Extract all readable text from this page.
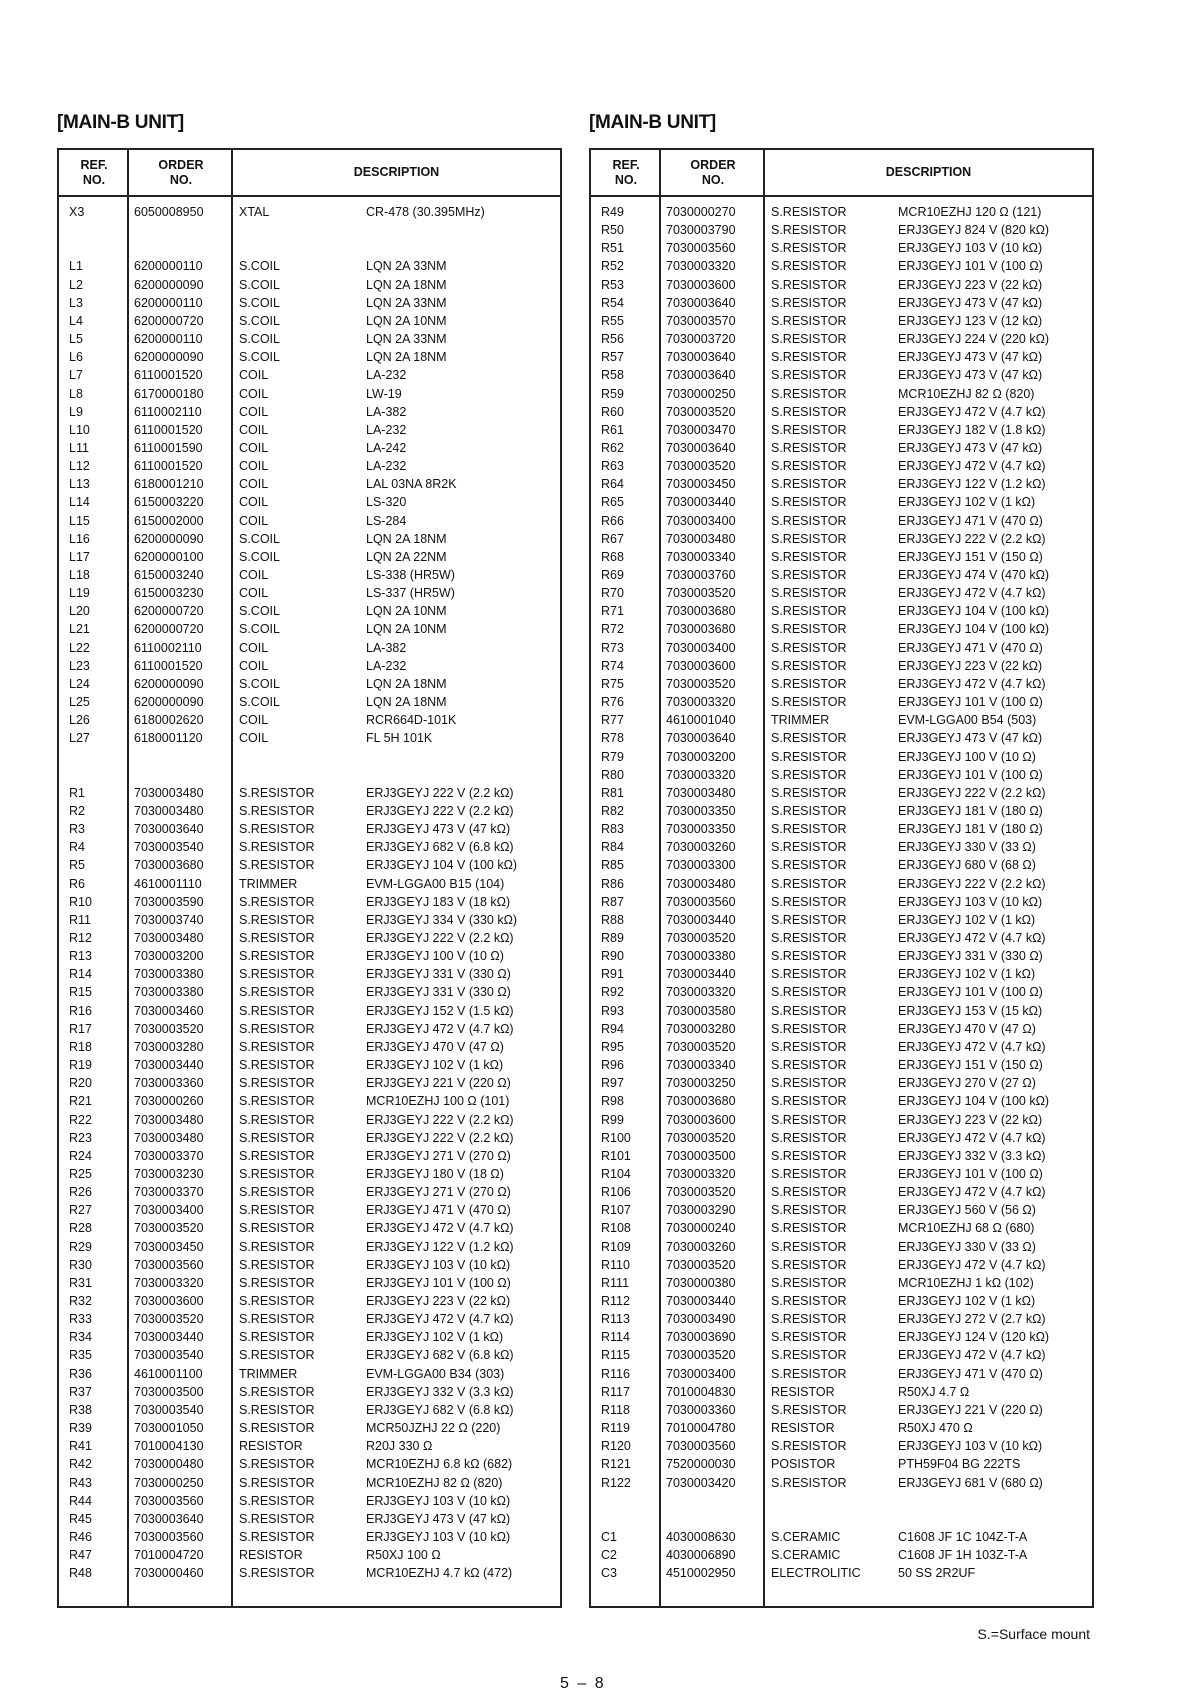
[MAIN-B UNIT]
REF.
NO.
ORDER
NO.
DESCRIPTION
X3	6050008950	XTAL	CR-478 (30.395MHz)
L1	6200000110	S.COIL	LQN 2A 33NM
L2	6200000090	S.COIL	LQN 2A 18NM
L3	6200000110	S.COIL	LQN 2A 33NM
L4	6200000720	S.COIL	LQN 2A 10NM
L5	6200000110	S.COIL	LQN 2A 33NM
L6	6200000090	S.COIL	LQN 2A 18NM
L7	6110001520	COIL	LA-232
L8	6170000180	COIL	LW-19
L9	6110002110	COIL	LA-382
L10	6110001520	COIL	LA-232
L11	6110001590	COIL	LA-242
L12	6110001520	COIL	LA-232
L13	6180001210	COIL	LAL 03NA 8R2K
L14	6150003220	COIL	LS-320
L15	6150002000	COIL	LS-284
L16	6200000090	S.COIL	LQN 2A 18NM
L17	6200000100	S.COIL	LQN 2A 22NM
L18	6150003240	COIL	LS-338 (HR5W)
L19	6150003230	COIL	LS-337 (HR5W)
L20	6200000720	S.COIL	LQN 2A 10NM
L21	6200000720	S.COIL	LQN 2A 10NM
L22	6110002110	COIL	LA-382
L23	6110001520	COIL	LA-232
L24	6200000090	S.COIL	LQN 2A 18NM
L25	6200000090	S.COIL	LQN 2A 18NM
L26	6180002620	COIL	RCR664D-101K
L27	6180001120	COIL	FL 5H 101K
R1	7030003480	S.RESISTOR	ERJ3GEYJ 222 V (2.2 kΩ)
R2	7030003480	S.RESISTOR	ERJ3GEYJ 222 V (2.2 kΩ)
R3	7030003640	S.RESISTOR	ERJ3GEYJ 473 V (47 kΩ)
R4	7030003540	S.RESISTOR	ERJ3GEYJ 682 V (6.8 kΩ)
R5	7030003680	S.RESISTOR	ERJ3GEYJ 104 V (100 kΩ)
R6	4610001110	TRIMMER	EVM-LGGA00 B15 (104)
R10	7030003590	S.RESISTOR	ERJ3GEYJ 183 V (18 kΩ)
R11	7030003740	S.RESISTOR	ERJ3GEYJ 334 V (330 kΩ)
R12	7030003480	S.RESISTOR	ERJ3GEYJ 222 V (2.2 kΩ)
R13	7030003200	S.RESISTOR	ERJ3GEYJ 100 V (10 Ω)
R14	7030003380	S.RESISTOR	ERJ3GEYJ 331 V (330 Ω)
R15	7030003380	S.RESISTOR	ERJ3GEYJ 331 V (330 Ω)
R16	7030003460	S.RESISTOR	ERJ3GEYJ 152 V (1.5 kΩ)
R17	7030003520	S.RESISTOR	ERJ3GEYJ 472 V (4.7 kΩ)
R18	7030003280	S.RESISTOR	ERJ3GEYJ 470 V (47 Ω)
R19	7030003440	S.RESISTOR	ERJ3GEYJ 102 V (1 kΩ)
R20	7030003360	S.RESISTOR	ERJ3GEYJ 221 V (220 Ω)
R21	7030000260	S.RESISTOR	MCR10EZHJ 100 Ω (101)
R22	7030003480	S.RESISTOR	ERJ3GEYJ 222 V (2.2 kΩ)
R23	7030003480	S.RESISTOR	ERJ3GEYJ 222 V (2.2 kΩ)
R24	7030003370	S.RESISTOR	ERJ3GEYJ 271 V (270 Ω)
R25	7030003230	S.RESISTOR	ERJ3GEYJ 180 V (18 Ω)
R26	7030003370	S.RESISTOR	ERJ3GEYJ 271 V (270 Ω)
R27	7030003400	S.RESISTOR	ERJ3GEYJ 471 V (470 Ω)
R28	7030003520	S.RESISTOR	ERJ3GEYJ 472 V (4.7 kΩ)
R29	7030003450	S.RESISTOR	ERJ3GEYJ 122 V (1.2 kΩ)
R30	7030003560	S.RESISTOR	ERJ3GEYJ 103 V (10 kΩ)
R31	7030003320	S.RESISTOR	ERJ3GEYJ 101 V (100 Ω)
R32	7030003600	S.RESISTOR	ERJ3GEYJ 223 V (22 kΩ)
R33	7030003520	S.RESISTOR	ERJ3GEYJ 472 V (4.7 kΩ)
R34	7030003440	S.RESISTOR	ERJ3GEYJ 102 V (1 kΩ)
R35	7030003540	S.RESISTOR	ERJ3GEYJ 682 V (6.8 kΩ)
R36	4610001100	TRIMMER	EVM-LGGA00 B34 (303)
R37	7030003500	S.RESISTOR	ERJ3GEYJ 332 V (3.3 kΩ)
R38	7030003540	S.RESISTOR	ERJ3GEYJ 682 V (6.8 kΩ)
R39	7030001050	S.RESISTOR	MCR50JZHJ 22 Ω (220)
R41	7010004130	RESISTOR	R20J 330 Ω
R42	7030000480	S.RESISTOR	MCR10EZHJ 6.8 kΩ (682)
R43	7030000250	S.RESISTOR	MCR10EZHJ 82 Ω (820)
R44	7030003560	S.RESISTOR	ERJ3GEYJ 103 V (10 kΩ)
R45	7030003640	S.RESISTOR	ERJ3GEYJ 473 V (47 kΩ)
R46	7030003560	S.RESISTOR	ERJ3GEYJ 103 V (10 kΩ)
R47	7010004720	RESISTOR	R50XJ 100 Ω
R48	7030000460	S.RESISTOR	MCR10EZHJ 4.7 kΩ (472)
[MAIN-B UNIT]
REF.
NO.
ORDER
NO.
DESCRIPTION
R49	7030000270	S.RESISTOR	MCR10EZHJ 120 Ω (121)
R50	7030003790	S.RESISTOR	ERJ3GEYJ 824 V (820 kΩ)
R51	7030003560	S.RESISTOR	ERJ3GEYJ 103 V (10 kΩ)
R52	7030003320	S.RESISTOR	ERJ3GEYJ 101 V (100 Ω)
R53	7030003600	S.RESISTOR	ERJ3GEYJ 223 V (22 kΩ)
R54	7030003640	S.RESISTOR	ERJ3GEYJ 473 V (47 kΩ)
R55	7030003570	S.RESISTOR	ERJ3GEYJ 123 V (12 kΩ)
R56	7030003720	S.RESISTOR	ERJ3GEYJ 224 V (220 kΩ)
R57	7030003640	S.RESISTOR	ERJ3GEYJ 473 V (47 kΩ)
R58	7030003640	S.RESISTOR	ERJ3GEYJ 473 V (47 kΩ)
R59	7030000250	S.RESISTOR	MCR10EZHJ 82 Ω (820)
R60	7030003520	S.RESISTOR	ERJ3GEYJ 472 V (4.7 kΩ)
R61	7030003470	S.RESISTOR	ERJ3GEYJ 182 V (1.8 kΩ)
R62	7030003640	S.RESISTOR	ERJ3GEYJ 473 V (47 kΩ)
R63	7030003520	S.RESISTOR	ERJ3GEYJ 472 V (4.7 kΩ)
R64	7030003450	S.RESISTOR	ERJ3GEYJ 122 V (1.2 kΩ)
R65	7030003440	S.RESISTOR	ERJ3GEYJ 102 V (1 kΩ)
R66	7030003400	S.RESISTOR	ERJ3GEYJ 471 V (470 Ω)
R67	7030003480	S.RESISTOR	ERJ3GEYJ 222 V (2.2 kΩ)
R68	7030003340	S.RESISTOR	ERJ3GEYJ 151 V (150 Ω)
R69	7030003760	S.RESISTOR	ERJ3GEYJ 474 V (470 kΩ)
R70	7030003520	S.RESISTOR	ERJ3GEYJ 472 V (4.7 kΩ)
R71	7030003680	S.RESISTOR	ERJ3GEYJ 104 V (100 kΩ)
R72	7030003680	S.RESISTOR	ERJ3GEYJ 104 V (100 kΩ)
R73	7030003400	S.RESISTOR	ERJ3GEYJ 471 V (470 Ω)
R74	7030003600	S.RESISTOR	ERJ3GEYJ 223 V (22 kΩ)
R75	7030003520	S.RESISTOR	ERJ3GEYJ 472 V (4.7 kΩ)
R76	7030003320	S.RESISTOR	ERJ3GEYJ 101 V (100 Ω)
R77	4610001040	TRIMMER	EVM-LGGA00 B54 (503)
R78	7030003640	S.RESISTOR	ERJ3GEYJ 473 V (47 kΩ)
R79	7030003200	S.RESISTOR	ERJ3GEYJ 100 V (10 Ω)
R80	7030003320	S.RESISTOR	ERJ3GEYJ 101 V (100 Ω)
R81	7030003480	S.RESISTOR	ERJ3GEYJ 222 V (2.2 kΩ)
R82	7030003350	S.RESISTOR	ERJ3GEYJ 181 V (180 Ω)
R83	7030003350	S.RESISTOR	ERJ3GEYJ 181 V (180 Ω)
R84	7030003260	S.RESISTOR	ERJ3GEYJ 330 V (33 Ω)
R85	7030003300	S.RESISTOR	ERJ3GEYJ 680 V (68 Ω)
R86	7030003480	S.RESISTOR	ERJ3GEYJ 222 V (2.2 kΩ)
R87	7030003560	S.RESISTOR	ERJ3GEYJ 103 V (10 kΩ)
R88	7030003440	S.RESISTOR	ERJ3GEYJ 102 V (1 kΩ)
R89	7030003520	S.RESISTOR	ERJ3GEYJ 472 V (4.7 kΩ)
R90	7030003380	S.RESISTOR	ERJ3GEYJ 331 V (330 Ω)
R91	7030003440	S.RESISTOR	ERJ3GEYJ 102 V (1 kΩ)
R92	7030003320	S.RESISTOR	ERJ3GEYJ 101 V (100 Ω)
R93	7030003580	S.RESISTOR	ERJ3GEYJ 153 V (15 kΩ)
R94	7030003280	S.RESISTOR	ERJ3GEYJ 470 V (47 Ω)
R95	7030003520	S.RESISTOR	ERJ3GEYJ 472 V (4.7 kΩ)
R96	7030003340	S.RESISTOR	ERJ3GEYJ 151 V (150 Ω)
R97	7030003250	S.RESISTOR	ERJ3GEYJ 270 V (27 Ω)
R98	7030003680	S.RESISTOR	ERJ3GEYJ 104 V (100 kΩ)
R99	7030003600	S.RESISTOR	ERJ3GEYJ 223 V (22 kΩ)
R100	7030003520	S.RESISTOR	ERJ3GEYJ 472 V (4.7 kΩ)
R101	7030003500	S.RESISTOR	ERJ3GEYJ 332 V (3.3 kΩ)
R104	7030003320	S.RESISTOR	ERJ3GEYJ 101 V (100 Ω)
R106	7030003520	S.RESISTOR	ERJ3GEYJ 472 V (4.7 kΩ)
R107	7030003290	S.RESISTOR	ERJ3GEYJ 560 V (56 Ω)
R108	7030000240	S.RESISTOR	MCR10EZHJ 68 Ω (680)
R109	7030003260	S.RESISTOR	ERJ3GEYJ 330 V (33 Ω)
R110	7030003520	S.RESISTOR	ERJ3GEYJ 472 V (4.7 kΩ)
R111	7030000380	S.RESISTOR	MCR10EZHJ 1 kΩ (102)
R112	7030003440	S.RESISTOR	ERJ3GEYJ 102 V (1 kΩ)
R113	7030003490	S.RESISTOR	ERJ3GEYJ 272 V (2.7 kΩ)
R114	7030003690	S.RESISTOR	ERJ3GEYJ 124 V (120 kΩ)
R115	7030003520	S.RESISTOR	ERJ3GEYJ 472 V (4.7 kΩ)
R116	7030003400	S.RESISTOR	ERJ3GEYJ 471 V (470 Ω)
R117	7010004830	RESISTOR	R50XJ 4.7 Ω
R118	7030003360	S.RESISTOR	ERJ3GEYJ 221 V (220 Ω)
R119	7010004780	RESISTOR	R50XJ 470 Ω
R120	7030003560	S.RESISTOR	ERJ3GEYJ 103 V (10 kΩ)
R121	7520000030	POSISTOR	PTH59F04 BG 222TS
R122	7030003420	S.RESISTOR	ERJ3GEYJ 681 V (680 Ω)
C1	4030008630	S.CERAMIC	C1608 JF 1C 104Z-T-A
C2	4030006890	S.CERAMIC	C1608 JF 1H 103Z-T-A
C3	4510002950	ELECTROLITIC	50 SS 2R2UF
S.=Surface mount
5 – 8
